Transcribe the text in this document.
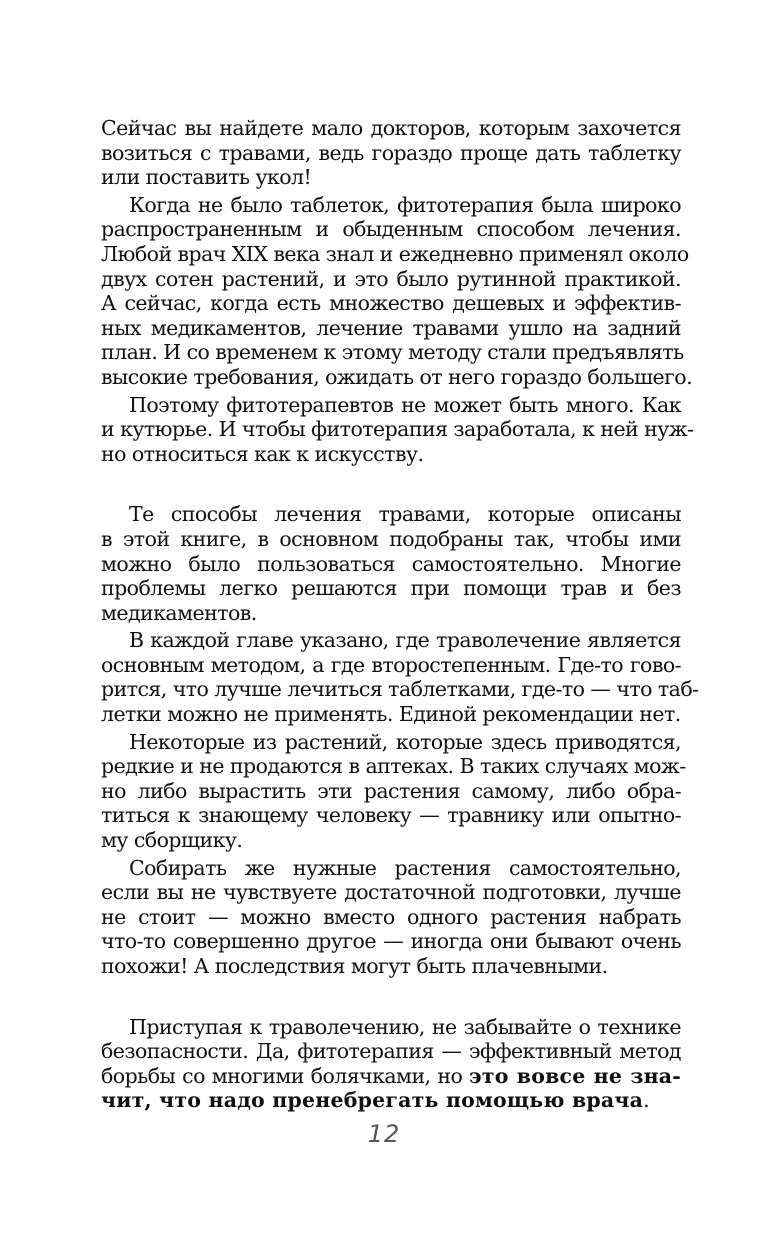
Сейчас вы найдете мало докторов, которым захочется
возиться с травами, ведь гораздо проще дать таблетку
или поставить укол!

Когда не было таблеток, фитотерапия была широко
распространенным и обыденным способом лечения.
Любой врач XIX века знал и ежедневно применял около
двух сотен растений, и это было рутинной практикой.
А сейчас, когда есть множество дешевых и эффектив-
ных медикаментов, лечение травами ушло на задний
план. И со временем к этому методу стали предъявлять
высокие требования, ожидать от него гораздо большего.

Поэтому фитотерапевтов не может быть много. Как
и кутюрье. И чтобы фитотерапия заработала, к ней нуж-
но относиться как к искусству.

Те способы лечения травами, которые описаны
в этой книге, в основном подобраны так, чтобы ими
можно было пользоваться самостоятельно. Многие
проблемы легко решаются при помощи трав и без
медикаментов.

В каждой главе указано, где траволечение является
основным методом, а где второстепенным. Где-то гово-
рится, что лучше лечиться таблетками, где-то — что таб-
летки можно не применять. Единой рекомендации нет.

Некоторые из растений, которые здесь приводятся,
редкие и не продаются в аптеках. В таких случаях мож-
но либо вырастить эти растения самому, либо обра-
титься к знающему человеку — травнику или опытно-
му сборщику.

Собирать же нужные растения самостоятельно,
если вы не чувствуете достаточной подготовки, лучше
не стоит — можно вместо одного растения набрать
что-то совершенно другое — иногда они бывают очень
похожи! А последствия могут быть плачевными.

Приступая к траволечению, не забывайте о технике
безопасности. Да, фитотерапия — эффективный метод
борьбы со многими болячками, но это вовсе не зна-
чит, что надо пренебрегать помощью врача.

12
